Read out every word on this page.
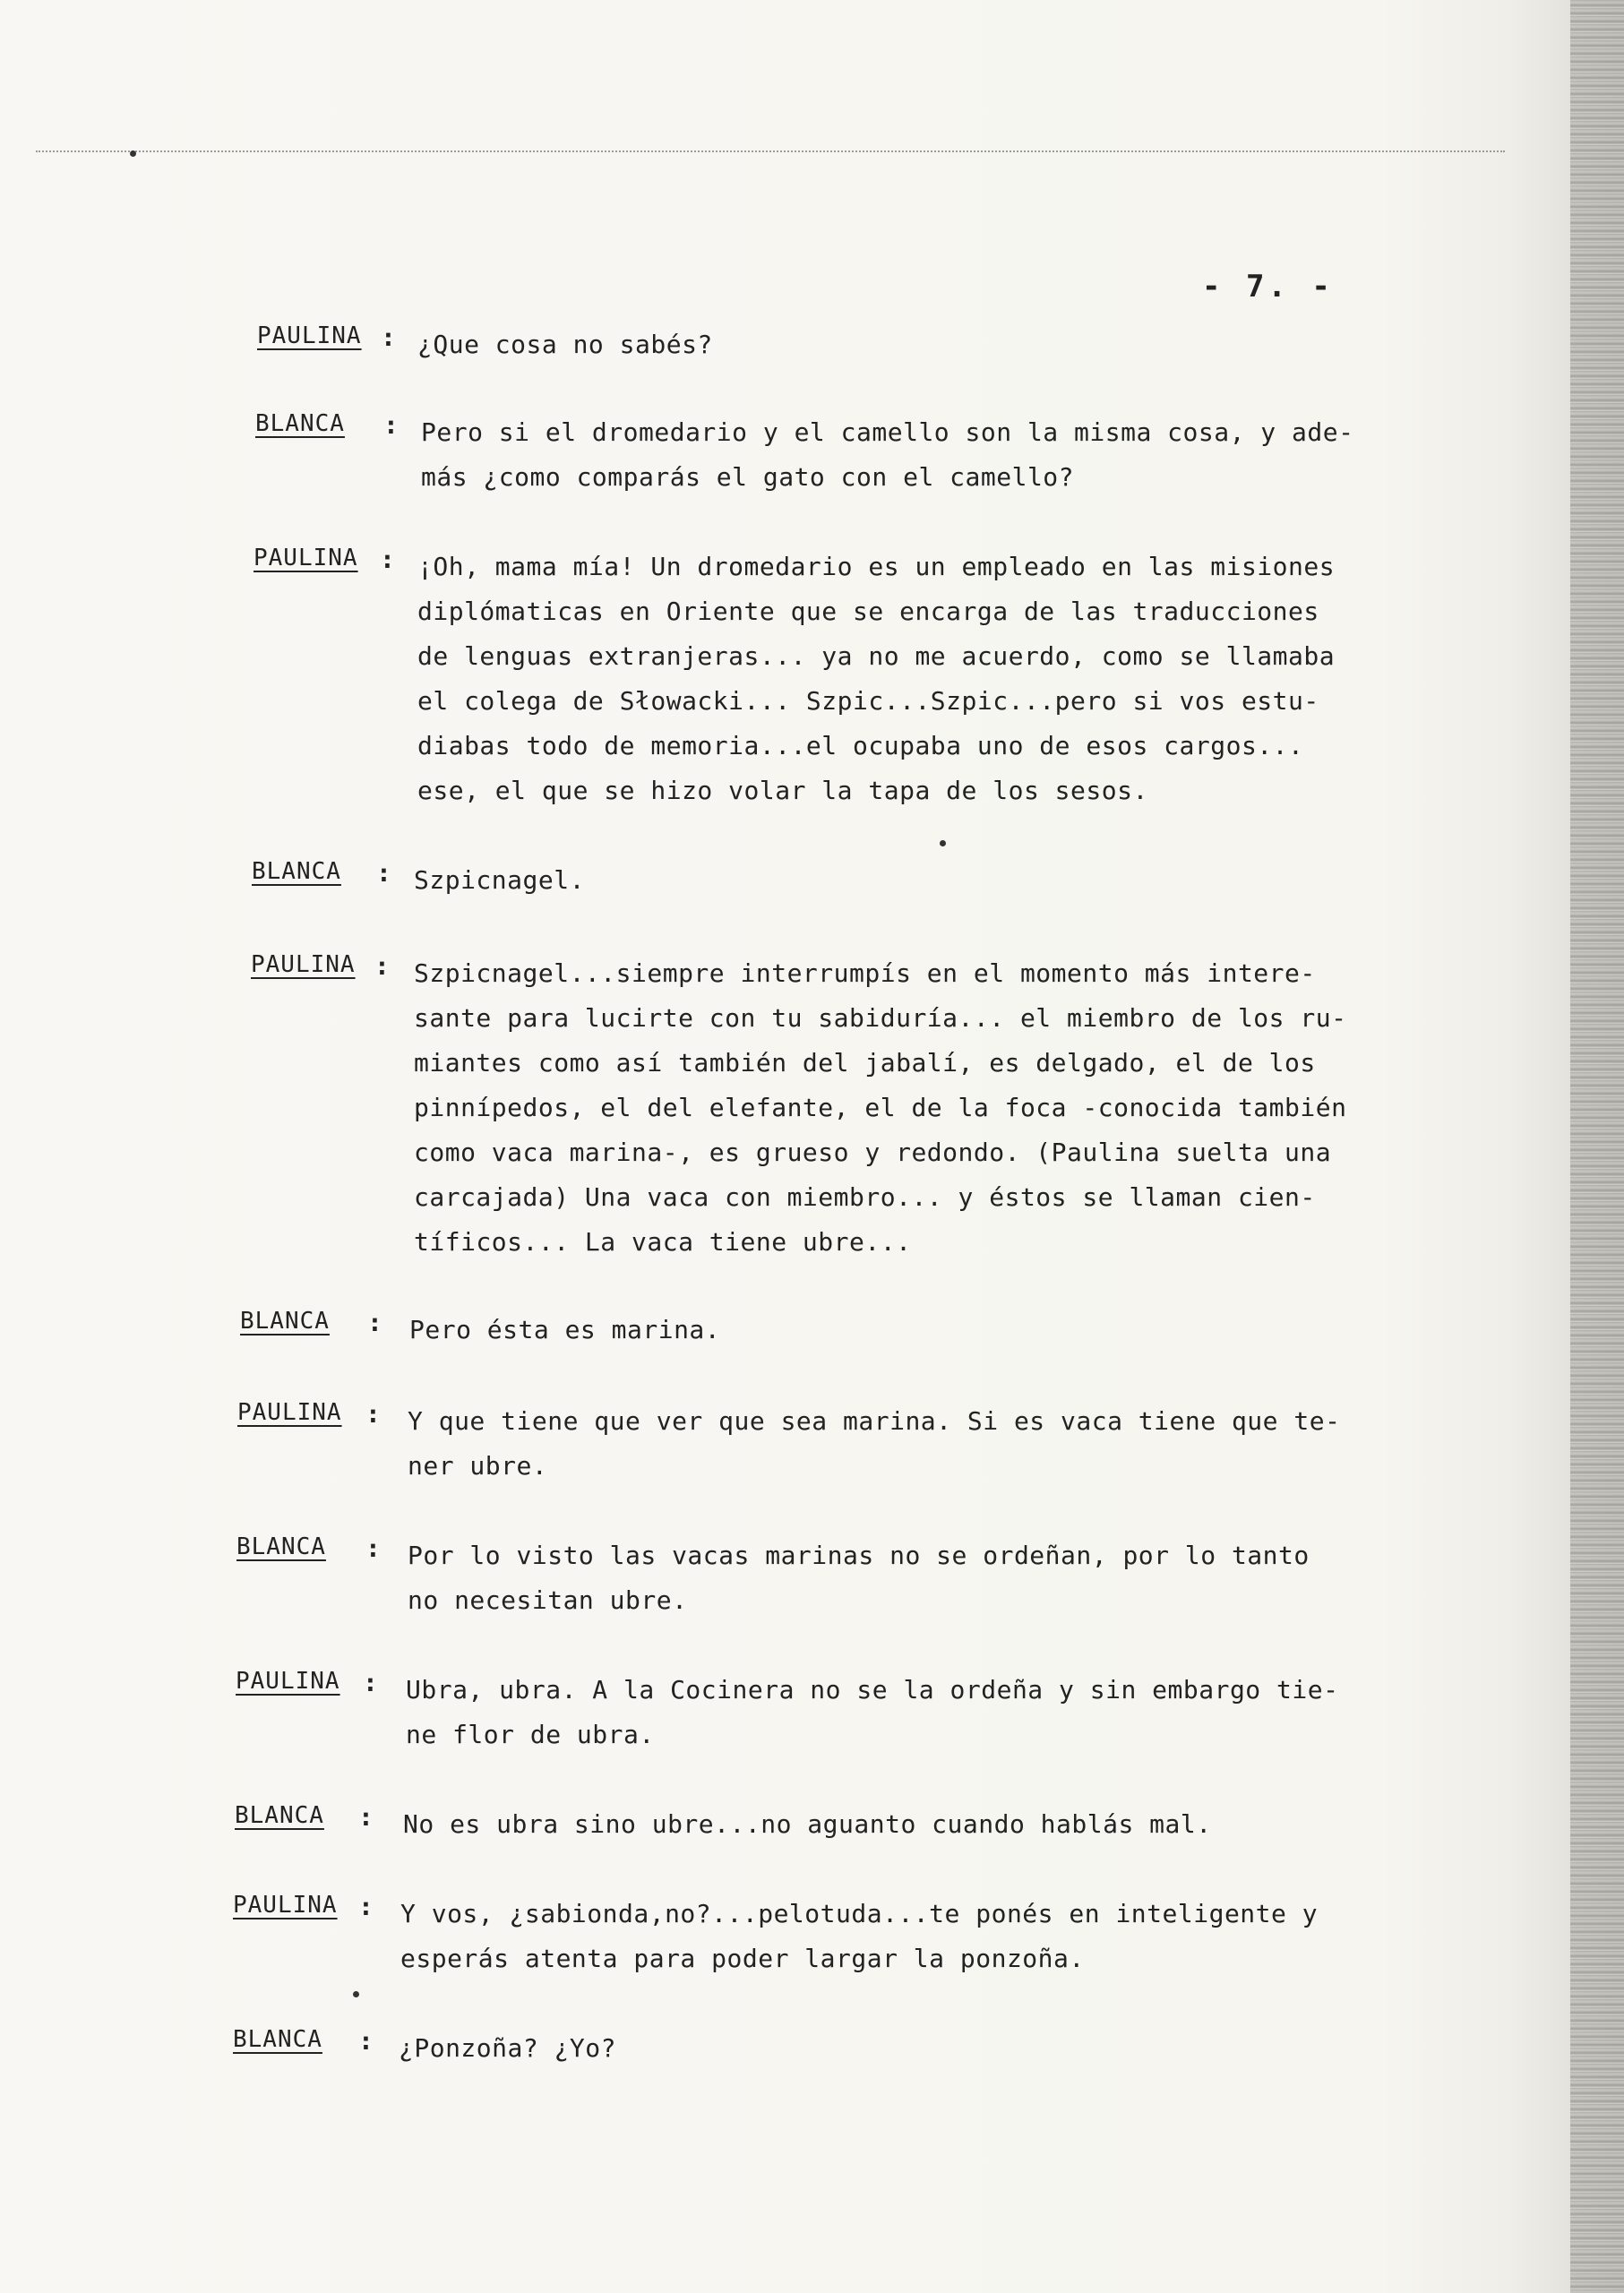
- 7. -
PAULINA : ¿Que cosa no sabés?
BLANCA : Pero si el dromedario y el camello son la misma cosa, y ade-
más ¿como comparás el gato con el camello?
PAULINA : ¡Oh, mama mía! Un dromedario es un empleado en las misiones
diplómaticas en Oriente que se encarga de las traducciones
de lenguas extranjeras... ya no me acuerdo, como se llamaba
el colega de Słowacki... Szpic...Szpic...pero si vos estu-
diabas todo de memoria...el ocupaba uno de esos cargos...
ese, el que se hizo volar la tapa de los sesos.
BLANCA : Szpicnagel.
PAULINA : Szpicnagel...siempre interrumpís en el momento más intere-
sante para lucirte con tu sabiduría... el miembro de los ru-
miantes como así también del jabalí, es delgado, el de los
pinnípedos, el del elefante, el de la foca -conocida también
como vaca marina-, es grueso y redondo. (Paulina suelta una
carcajada) Una vaca con miembro... y éstos se llaman cien-
tíficos... La vaca tiene ubre...
BLANCA : Pero ésta es marina.
PAULINA : Y que tiene que ver que sea marina. Si es vaca tiene que te-
ner ubre.
BLANCA : Por lo visto las vacas marinas no se ordeñan, por lo tanto
no necesitan ubre.
PAULINA : Ubra, ubra. A la Cocinera no se la ordeña y sin embargo tie-
ne flor de ubra.
BLANCA : No es ubra sino ubre...no aguanto cuando hablás mal.
PAULINA : Y vos, ¿sabionda,no?...pelotuda...te ponés en inteligente y
esperás atenta para poder largar la ponzoña.
BLANCA : ¿Ponzoña? ¿Yo?
